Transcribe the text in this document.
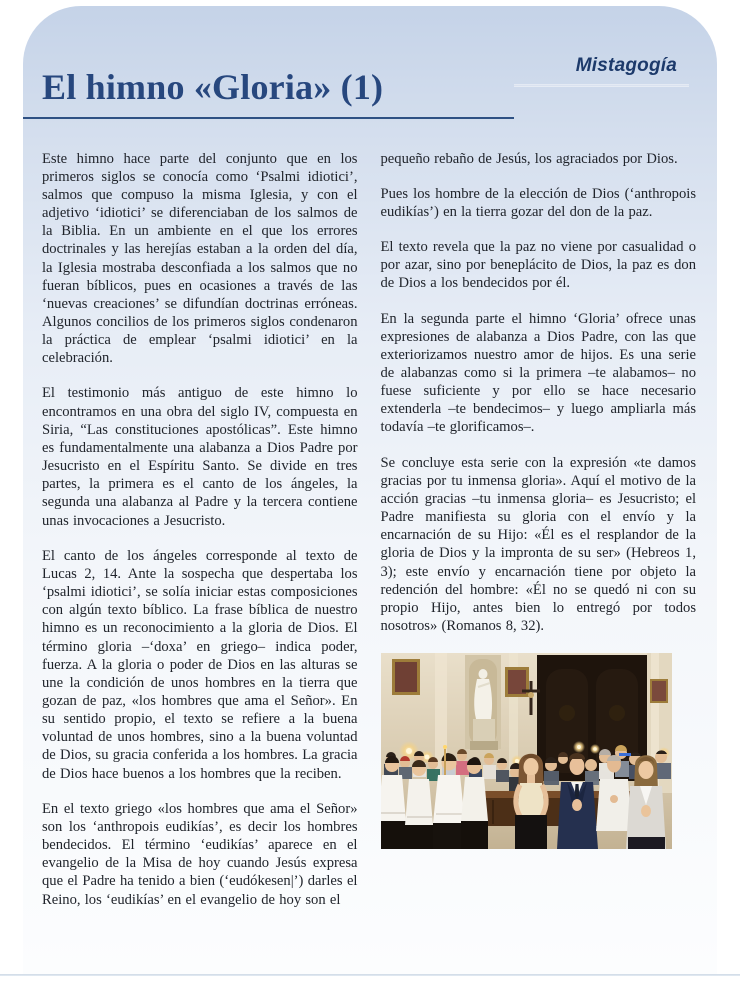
Mistagogía
El himno «Gloria» (1)

Este himno hace parte del conjunto que en los primeros siglos se conocía como ‘Psalmi idiotici’, salmos que compuso la misma Iglesia, y con el adjetivo ‘idiotici’ se diferenciaban de los salmos de la Biblia. En un ambiente en el que los errores doctrinales y las herejías estaban a la orden del día, la Iglesia mostraba desconfiada a los salmos que no fueran bíblicos, pues en ocasiones a través de las ‘nuevas creaciones’ se difundían doctrinas erróneas. Algunos concilios de los primeros siglos condenaron la práctica de emplear ‘psalmi idiotici’ en la celebración.

El testimonio más antiguo de este himno lo encontramos en una obra del siglo IV, compuesta en Siria, “Las constituciones apostólicas”. Este himno es fundamentalmente una alabanza a Dios Padre por Jesucristo en el Espíritu Santo. Se divide en tres partes, la primera es el canto de los ángeles, la segunda una alabanza al Padre y la tercera contiene unas invocaciones a Jesucristo.

El canto de los ángeles corresponde al texto de Lucas 2, 14. Ante la sospecha que despertaba los ‘psalmi idiotici’, se solía iniciar estas composiciones con algún texto bíblico. La frase bíblica de nuestro himno es un reconocimiento a la gloria de Dios. El término gloria –‘doxa’ en griego– indica poder, fuerza. A la gloria o poder de Dios en las alturas se une la condición de unos hombres en la tierra que gozan de paz, «los hombres que ama el Señor». En su sentido propio, el texto se refiere a la buena voluntad de unos hombres, sino a la buena voluntad de Dios, su gracia conferida a los hombres. La gracia de Dios hace buenos a los hombres que la reciben.

En el texto griego «los hombres que ama el Señor» son los ‘anthropois eudikías’, es decir los hombres bendecidos. El término ‘eudikías’ aparece en el evangelio de la Misa de hoy cuando Jesús expresa que el Padre ha tenido a bien (‘eudókesen|’) darles el Reino, los ‘eudikías’ en el evangelio de hoy son el

pequeño rebaño de Jesús, los agraciados por Dios.

Pues los hombre de la elección de Dios (‘anthropois eudikías’) en la tierra gozar del don de la paz.

El texto revela que la paz no viene por casualidad o por azar, sino por beneplácito de Dios, la paz es don de Dios a los bendecidos por él.

En la segunda parte el himno ‘Gloria’ ofrece unas expresiones de alabanza a Dios Padre, con las que exteriorizamos nuestro amor de hijos. Es una serie de alabanzas como si la primera –te alabamos– no fuese suficiente y por ello se hace necesario extenderla –te bendecimos– y luego ampliarla más todavía –te glorificamos–.

Se concluye esta serie con la expresión «te damos gracias por tu inmensa gloria». Aquí el motivo de la acción gracias –tu inmensa gloria– es Jesucristo; el Padre manifiesta su gloria con el envío y la encarnación de su Hijo: «Él es el resplandor de la gloria de Dios y la impronta de su ser» (Hebreos 1, 3); este envío y encarnación tiene por objeto la redención del hombre: «Él no se quedó ni con su propio Hijo, antes bien lo entregó por todos nosotros» (Romanos 8, 32).
